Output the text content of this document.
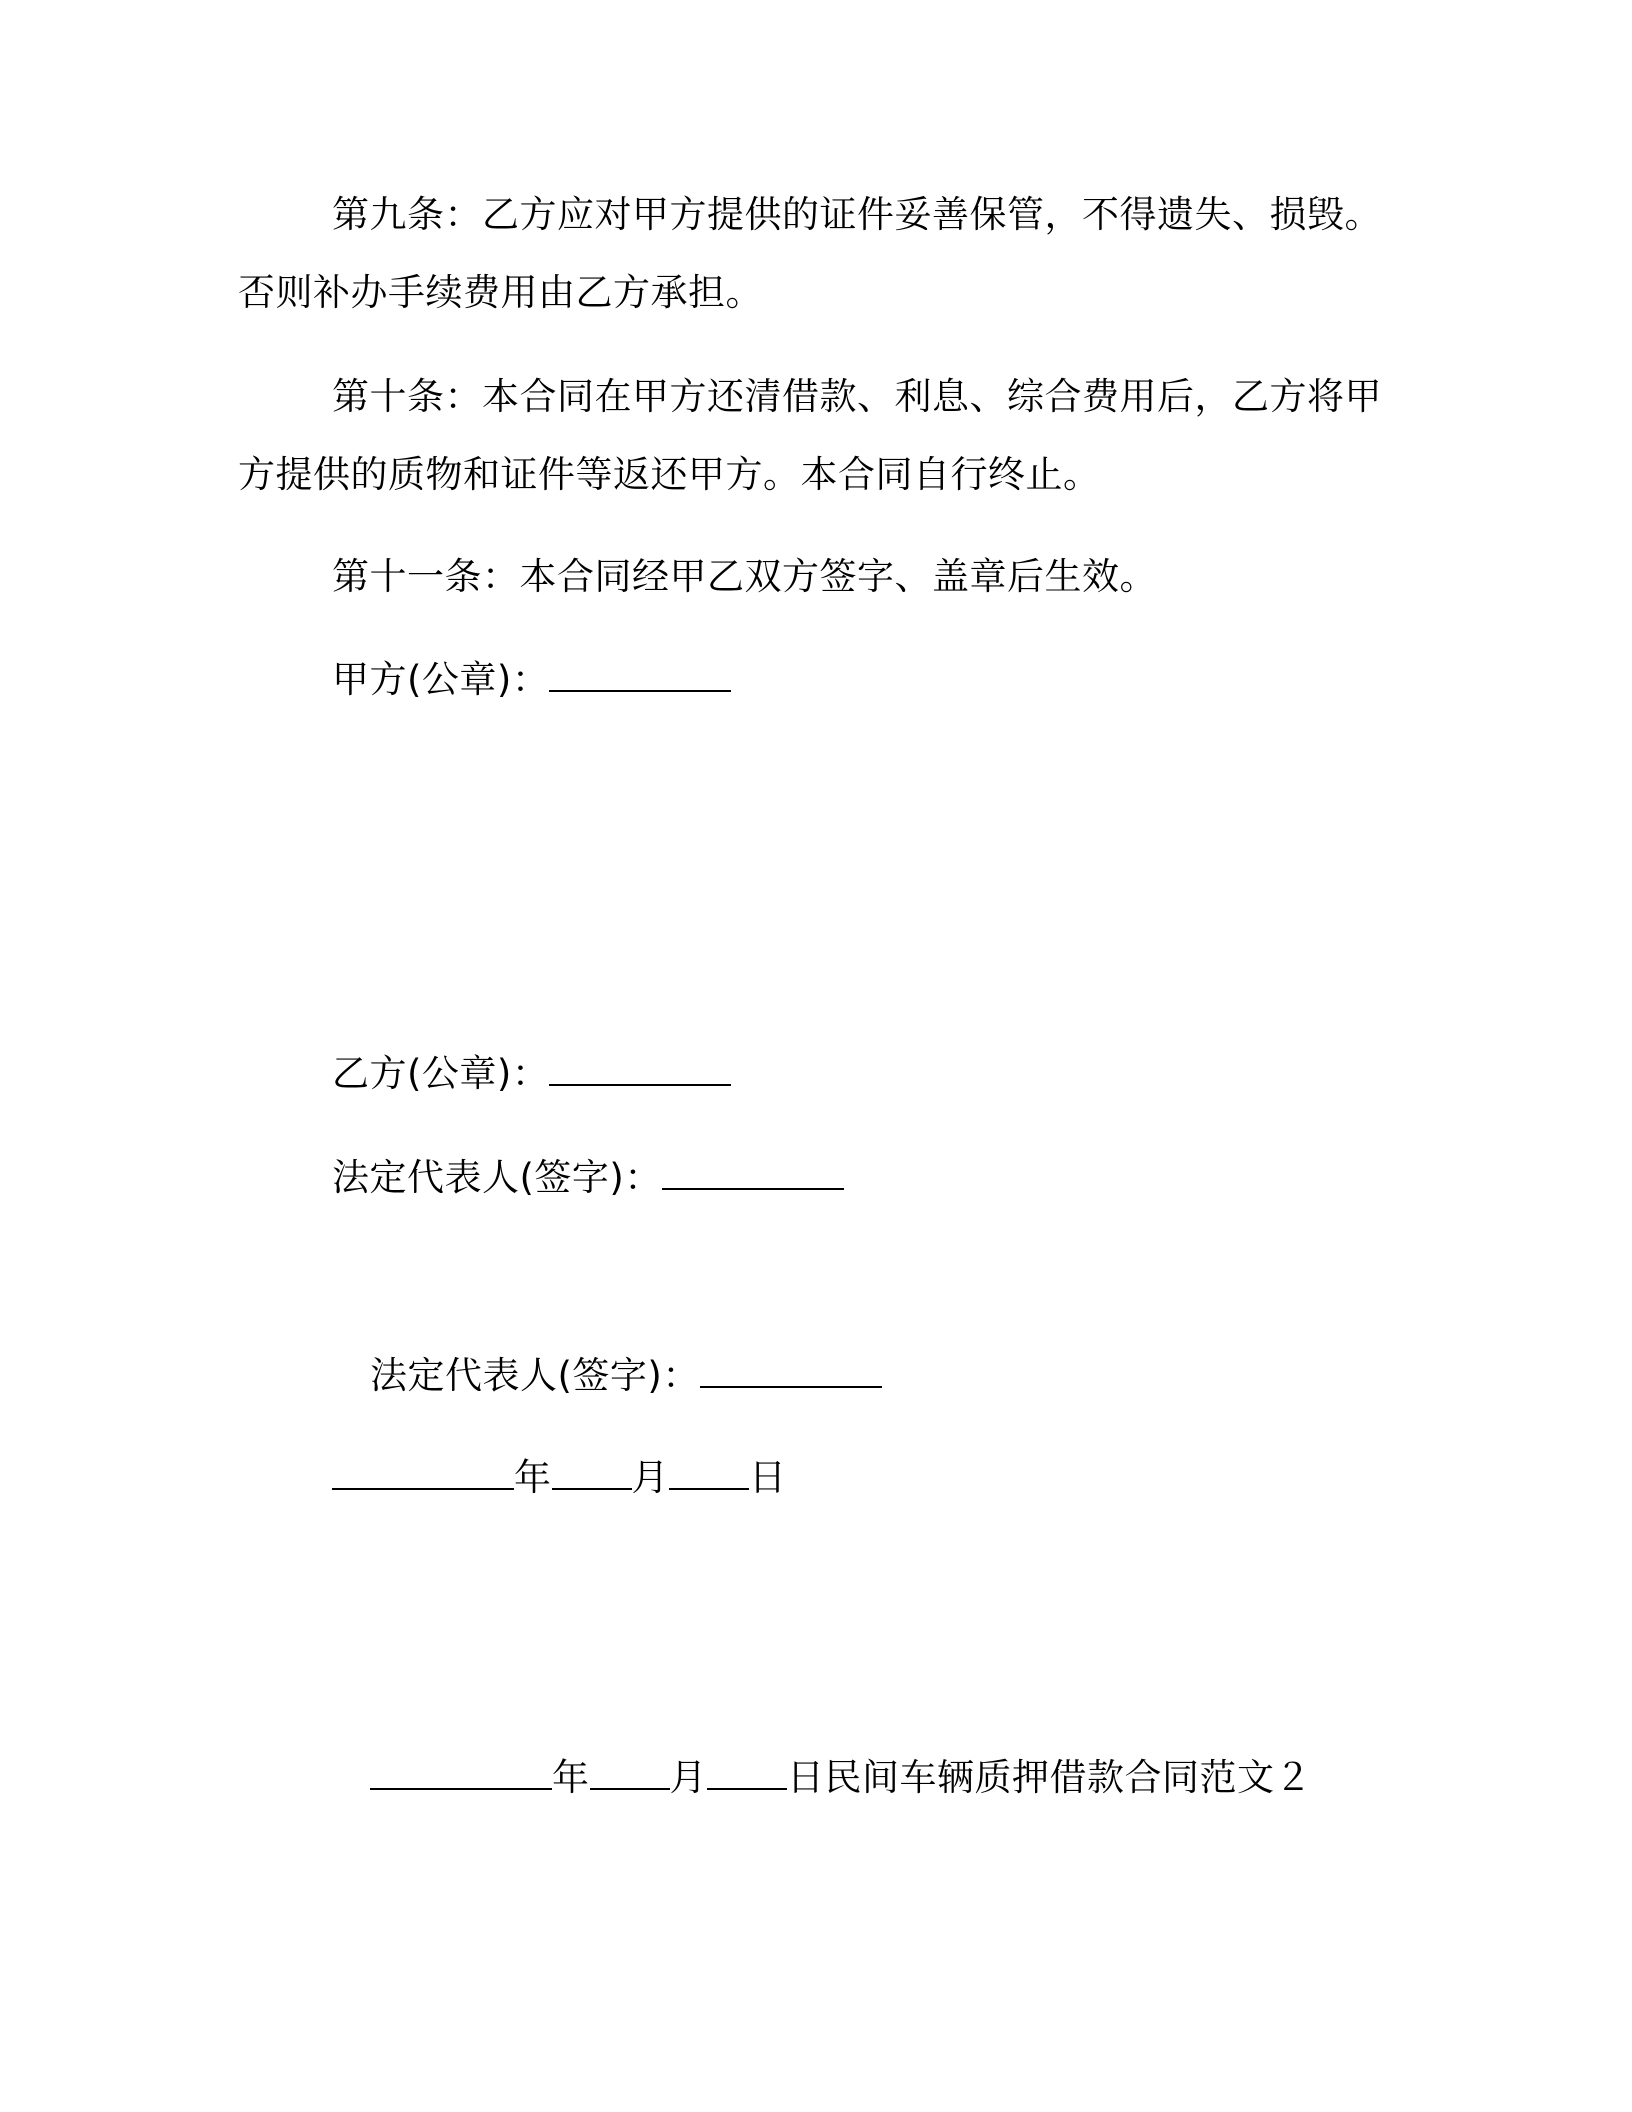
第九条：乙方应对甲方提供的证件妥善保管，不得遗失、损毁。
否则补办手续费用由乙方承担。
第十条：本合同在甲方还清借款、利息、综合费用后，乙方将甲
方提供的质物和证件等返还甲方。本合同自行终止。
第十一条：本合同经甲乙双方签字、盖章后生效。
甲方(公章)：
乙方(公章)：
法定代表人(签字)：
法定代表人(签字)：
年 月 日
年 月 日民间车辆质押借款合同范文２
